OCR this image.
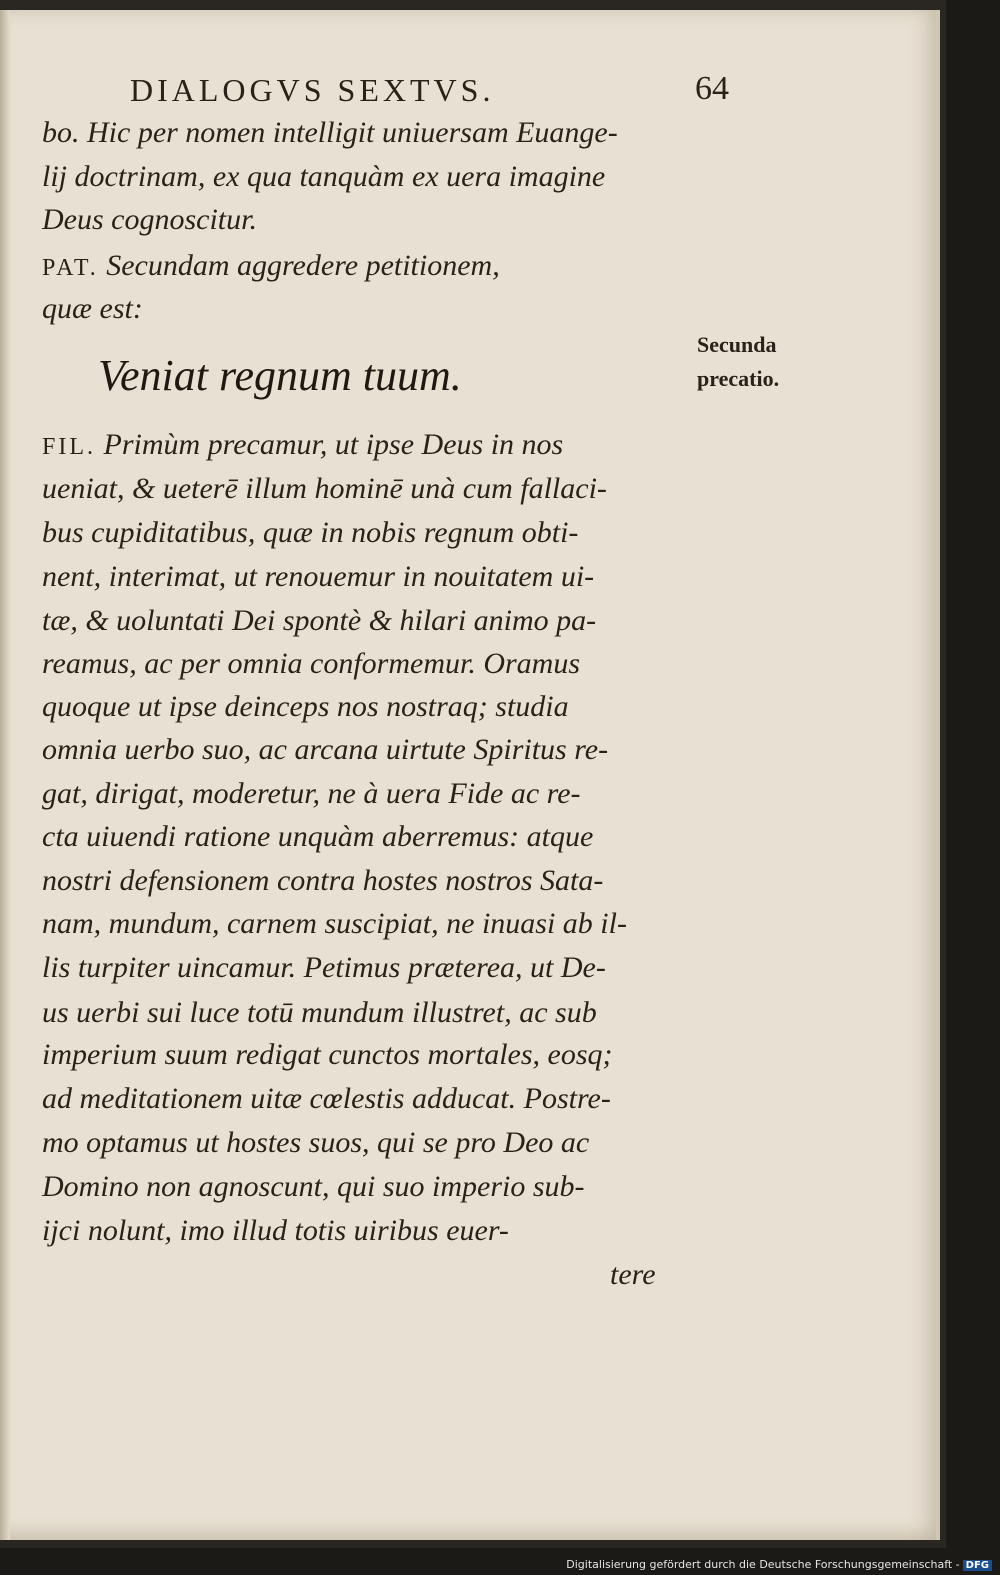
DIALOGVS SEXTVS.	64
bo. Hic per nomen intelligit uniuersam Euange-
lij doctrinam, ex qua tanquàm ex uera imagine
Deus cognoscitur.
PAT. Secundam aggredere petitionem,
quæ est:
Veniat regnum tuum.
Secunda
precatio.
FIL. Primùm precamur, ut ipse Deus in nos
ueniat, & ueterē illum hominē unà cum fallaci-
bus cupiditatibus, quæ in nobis regnum obti-
nent, interimat, ut renouemur in nouitatem ui-
tæ, & uoluntati Dei spontè & hilari animo pa-
reamus, ac per omnia conformemur. Oramus
quoque ut ipse deinceps nos nostraq; studia
omnia uerbo suo, ac arcana uirtute Spiritus re-
gat, dirigat, moderetur, ne à uera Fide ac re-
cta uiuendi ratione unquàm aberremus: atque
nostri defensionem contra hostes nostros Sata-
nam, mundum, carnem suscipiat, ne inuasi ab il-
lis turpiter uincamur. Petimus præterea, ut De-
us uerbi sui luce totū mundum illustret, ac sub
imperium suum redigat cunctos mortales, eosq;
ad meditationem uitæ cœlestis adducat. Postre-
mo optamus ut hostes suos, qui se pro Deo ac
Domino non agnoscunt, qui suo imperio sub-
ijci nolunt, imo illud totis uiribus euer-
tere
Digitalisierung gefördert durch die Deutsche Forschungsgemeinschaft - DFG
